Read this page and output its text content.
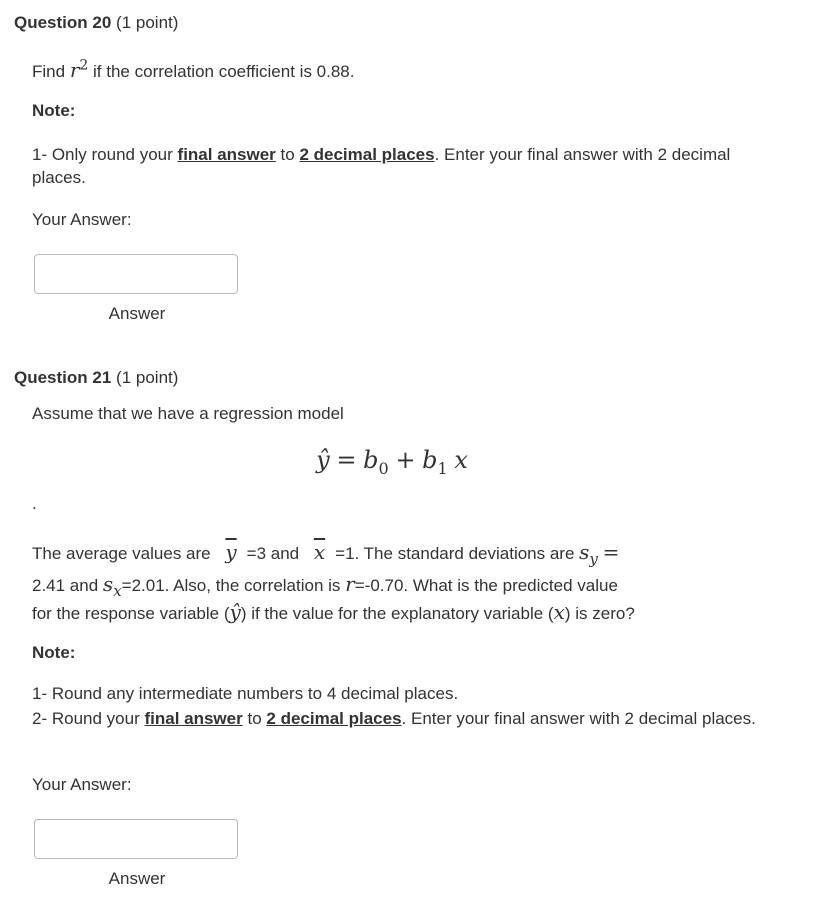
Question 20 (1 point)
Find $r^2$ if the correlation coefficient is 0.88.
Note:
1- Only round your final answer to 2 decimal places. Enter your final answer with 2 decimal places.
Your Answer:
Answer
Question 21 (1 point)
Assume that we have a regression model
ŷ = $b_0 + b_1$ x
.
The average values are $\overline{y} =3$ and $\overline{x} =1$. The standard deviations are $s_y$ =
2.41 and $s_x=2.01$. Also, the correlation is r=-0.70. What is the predicted value
for the response variable (ŷ) if the value for the explanatory variable (x) is zero?
Note:
1- Round any intermediate numbers to 4 decimal places.
2- Round your final answer to 2 decimal places. Enter your final answer with 2 decimal places.
Your Answer:
Answer
